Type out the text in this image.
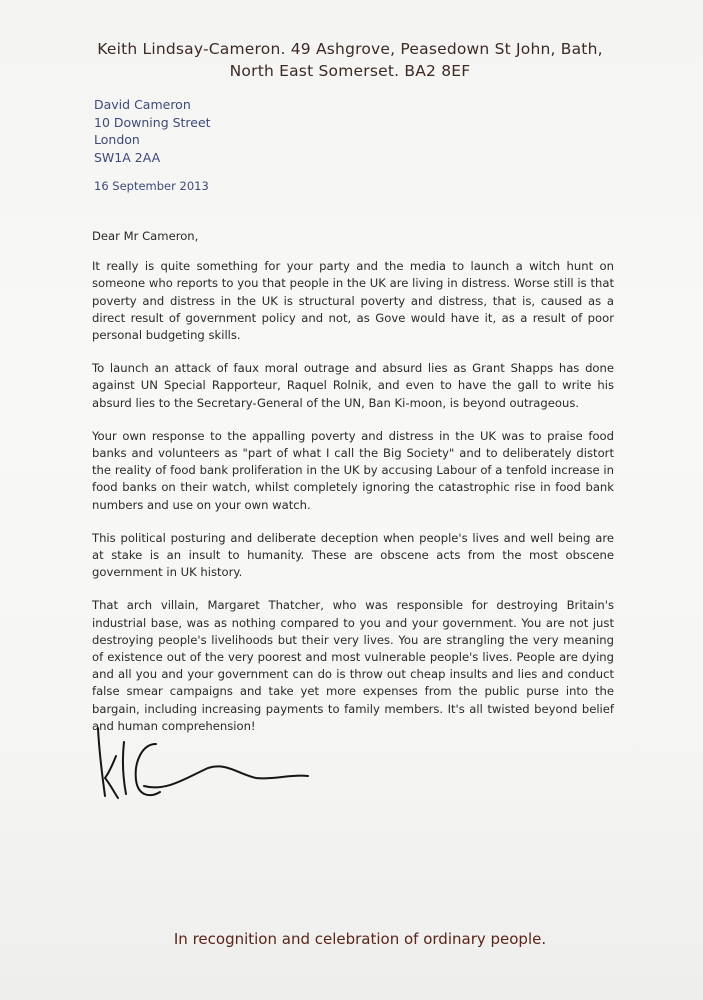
Keith Lindsay-Cameron. 49 Ashgrove, Peasedown St John, Bath,
North East Somerset. BA2 8EF
David Cameron
10 Downing Street
London
SW1A 2AA
16 September 2013

Dear Mr Cameron,

It really is quite something for your party and the media to launch a witch hunt on someone who reports to you that people in the UK are living in distress. Worse still is that poverty and distress in the UK is structural poverty and distress, that is, caused as a direct result of government policy and not, as Gove would have it, as a result of poor personal budgeting skills.

To launch an attack of faux moral outrage and absurd lies as Grant Shapps has done against UN Special Rapporteur, Raquel Rolnik, and even to have the gall to write his absurd lies to the Secretary-General of the UN, Ban Ki-moon, is beyond outrageous.

Your own response to the appalling poverty and distress in the UK was to praise food banks and volunteers as "part of what I call the Big Society" and to deliberately distort the reality of food bank proliferation in the UK by accusing Labour of a tenfold increase in food banks on their watch, whilst completely ignoring the catastrophic rise in food bank numbers and use on your own watch.

This political posturing and deliberate deception when people's lives and well being are at stake is an insult to humanity. These are obscene acts from the most obscene government in UK history.

That arch villain, Margaret Thatcher, who was responsible for destroying Britain's industrial base, was as nothing compared to you and your government. You are not just destroying people's livelihoods but their very lives. You are strangling the very meaning of existence out of the very poorest and most vulnerable people's lives. People are dying and all you and your government can do is throw out cheap insults and lies and conduct false smear campaigns and take yet more expenses from the public purse into the bargain, including increasing payments to family members. It's all twisted beyond belief and human comprehension!

In recognition and celebration of ordinary people.
